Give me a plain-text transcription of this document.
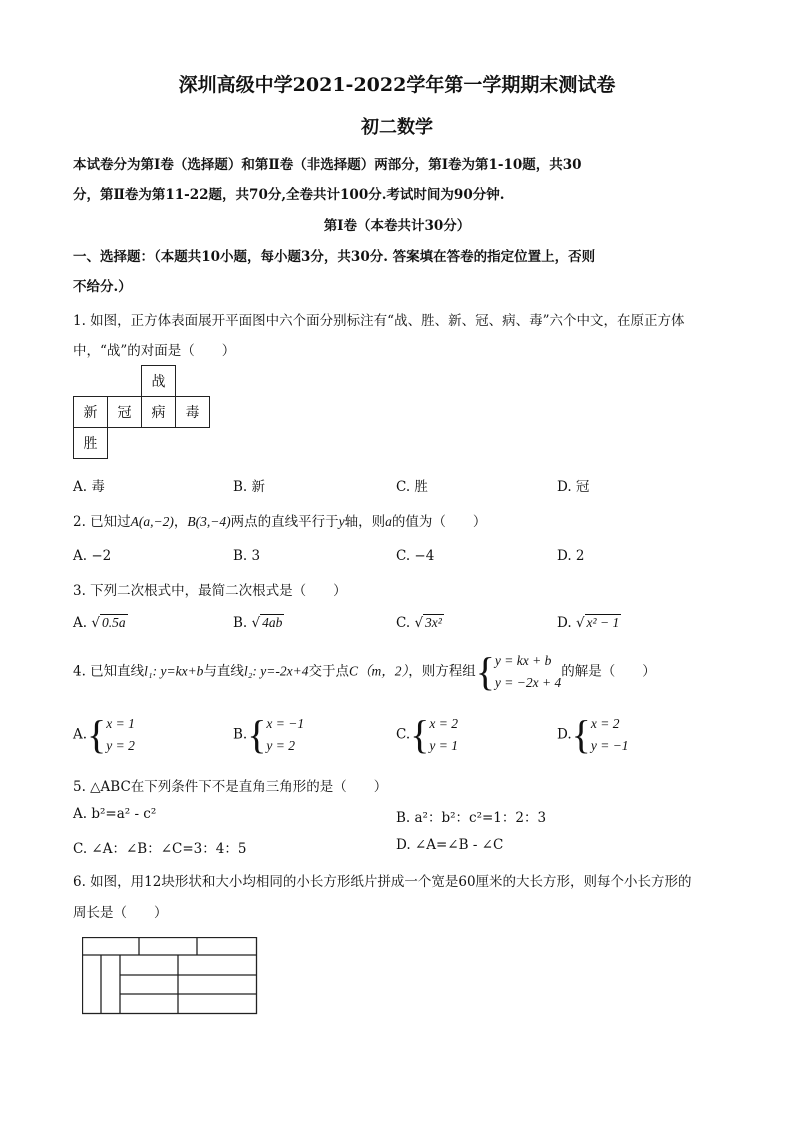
深圳高级中学2021-2022学年第一学期期末测试卷
初二数学
本试卷分为第Ⅰ卷（选择题）和第Ⅱ卷（非选择题）两部分，第Ⅰ卷为第1-10题，共30
分，第Ⅱ卷为第11-22题，共70分,全卷共计100分.考试时间为90分钟.
第Ⅰ卷（本卷共计30分）
一、选择题：（本题共10小题，每小题3分，共30分. 答案填在答卷的指定位置上，否则
不给分.）
1. 如图，正方体表面展开平面图中六个面分别标注有“战、胜、新、冠、病、毒”六个中文，在原正方体
中，“战”的对面是（　　）
		战	
新	冠	病	毒
胜			
A. 毒	B. 新	C. 胜	D. 冠
2. 已知过A(a,−2)，B(3,−4)两点的直线平行于y轴，则a的值为（　　）
A. −2	B. 3	C. −4	D. 2
3. 下列二次根式中，最简二次根式是（　　）
A. √ 0.5a	B. √ 4ab	C. √ 3x²	D. √ x² − 1
4. 已知直线l₁: y=kx+b与直线l₂: y=-2x+4交于点C（m，2），则方程组{ y = kx + b
y = −2x + 4
的解是（　　）
A.{ x = 1
y = 2
B.{ x = −1
y = 2
C.{ x = 2
y = 1
D.{ x = 2
y = −1
5. △ABC在下列条件下不是直角三角形的是（　　）
A. b²=a² - c²	B. a²：b²：c²=1：2：3
C. ∠A：∠B：∠C=3：4：5	D. ∠A=∠B - ∠C
6. 如图，用12块形状和大小均相同的小长方形纸片拼成一个宽是60厘米的大长方形，则每个小长方形的
周长是（　　）
